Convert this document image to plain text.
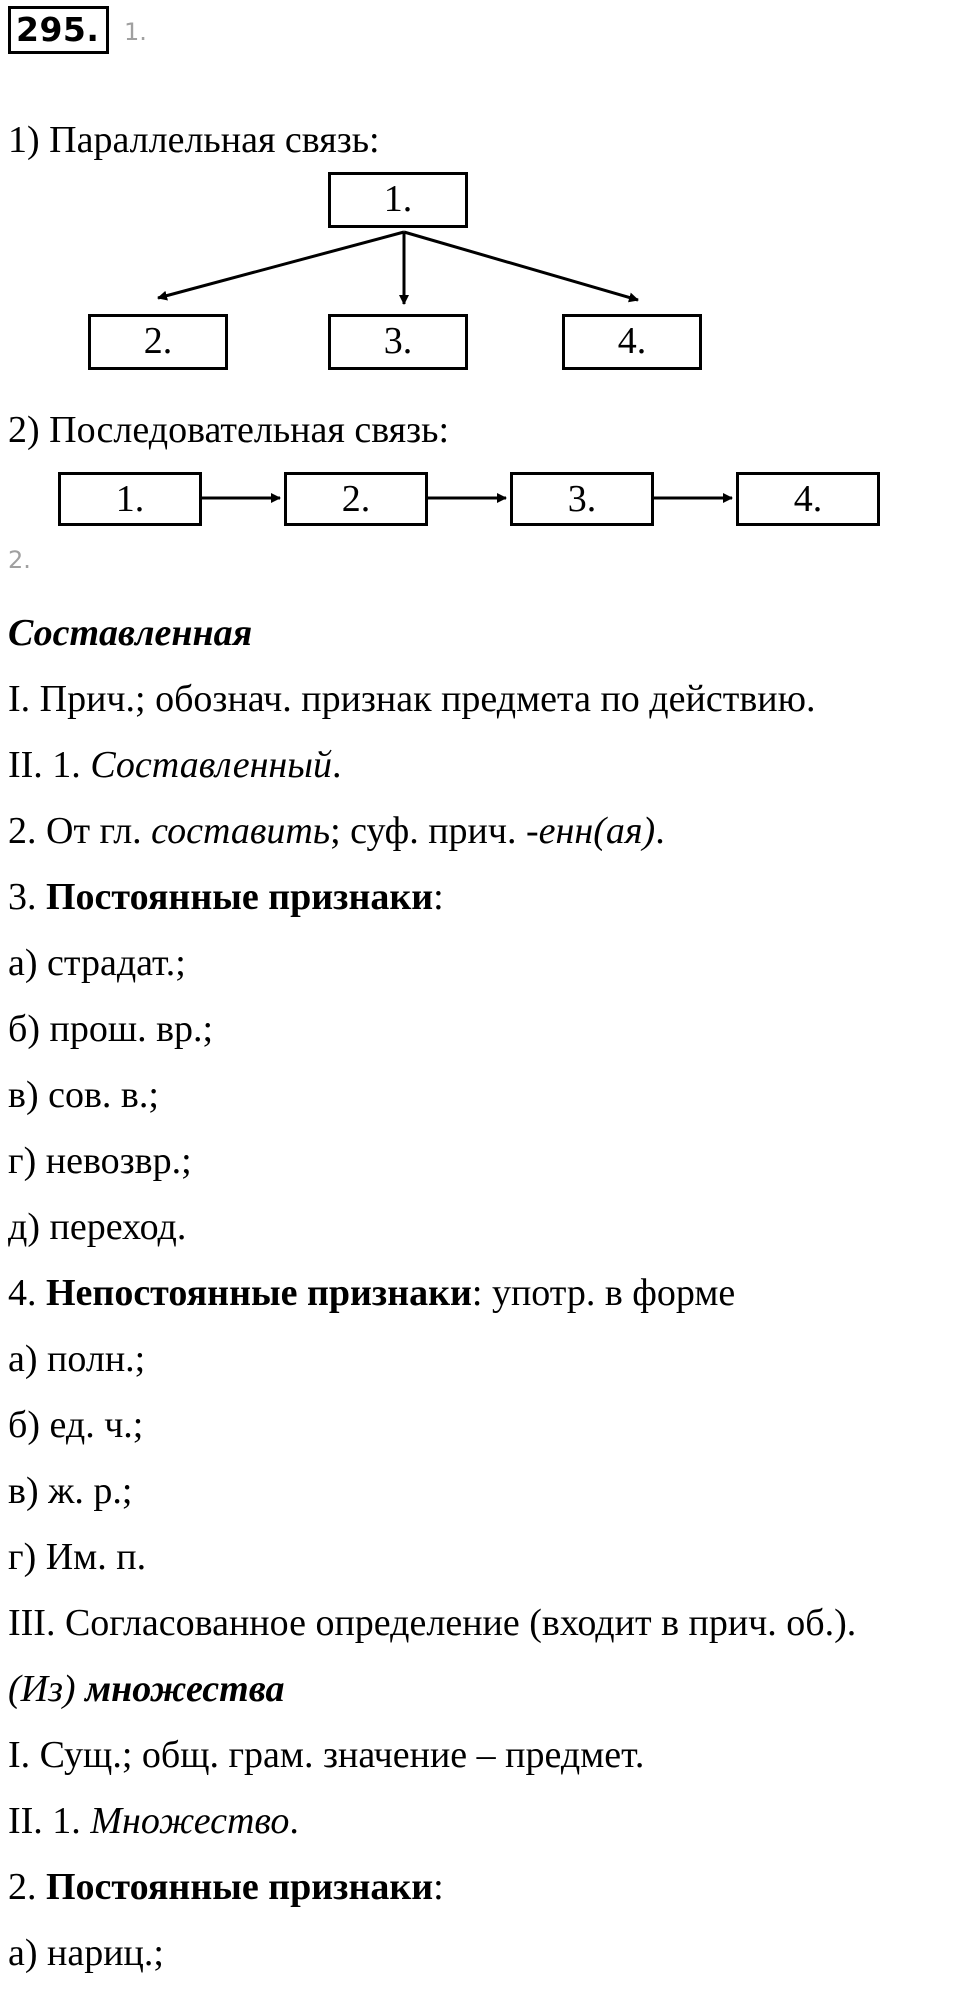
295.	1.
1) Параллельная связь:
1.
2.	3.	4.
2) Последовательная связь:
1.	2.	3.	4.
2.
Составленная
I. Прич.; обознач. признак предмета по действию.
II. 1. Составленный.
2. От гл. составить; суф. прич. -енн(ая).
3. Постоянные признаки:
а) страдат.;
б) прош. вр.;
в) сов. в.;
г) невозвр.;
д) переход.
4. Непостоянные признаки: употр. в форме
а) полн.;
б) ед. ч.;
в) ж. р.;
г) Им. п.
III. Согласованное определение (входит в прич. об.).
(Из) множества
I. Сущ.; общ. грам. значение – предмет.
II. 1. Множество.
2. Постоянные признаки:
а) нариц.;
